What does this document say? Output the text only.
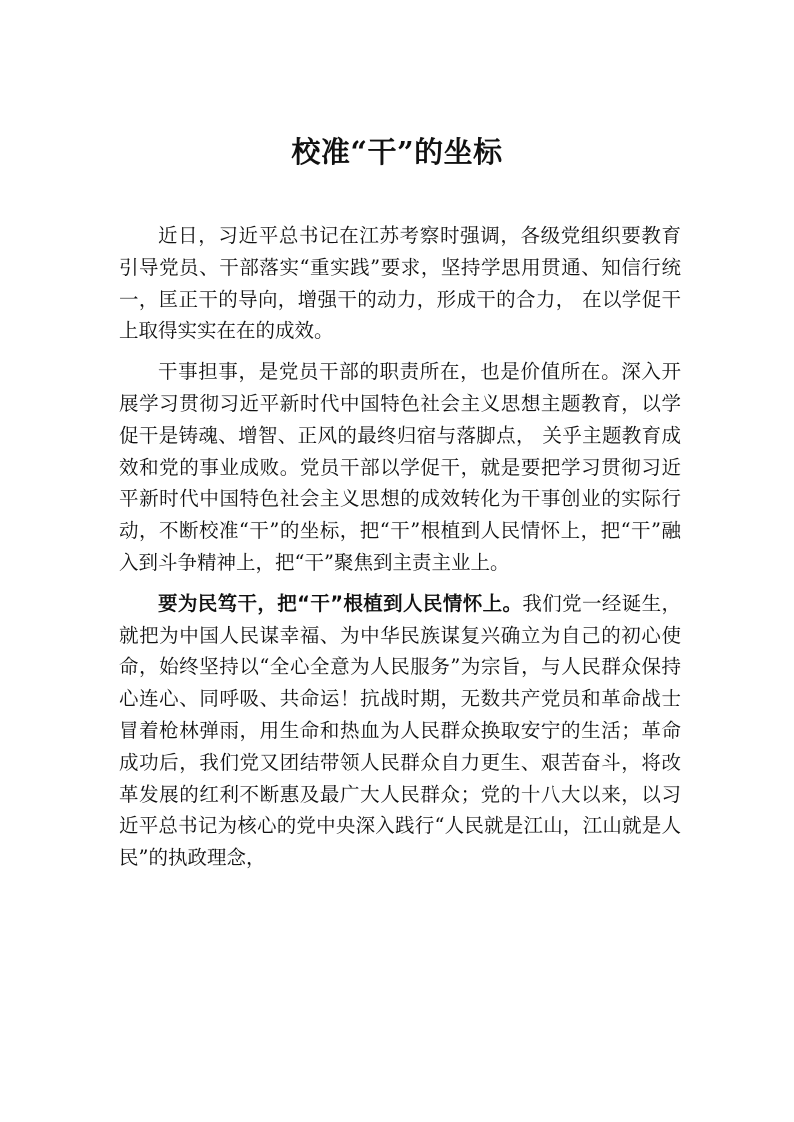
校准“干”的坐标

近日，习近平总书记在江苏考察时强调，各级党组织要教育引导党员、干部落实“重实践”要求，坚持学思用贯通、知信行统一，匡正干的导向，增强干的动力，形成干的合力， 在以学促干上取得实实在在的成效。

干事担事，是党员干部的职责所在，也是价值所在。深入开展学习贯彻习近平新时代中国特色社会主义思想主题教育，以学促干是铸魂、增智、正风的最终归宿与落脚点， 关乎主题教育成效和党的事业成败。党员干部以学促干，就是要把学习贯彻习近平新时代中国特色社会主义思想的成效转化为干事创业的实际行动，不断校准“干”的坐标，把“干”根植到人民情怀上，把“干”融入到斗争精神上，把“干”聚焦到主责主业上。

要为民笃干，把“干”根植到人民情怀上。我们党一经诞生，就把为中国人民谋幸福、为中华民族谋复兴确立为自己的初心使命，始终坚持以“全心全意为人民服务”为宗旨，与人民群众保持心连心、同呼吸、共命运！抗战时期，无数共产党员和革命战士冒着枪林弹雨，用生命和热血为人民群众换取安宁的生活；革命成功后，我们党又团结带领人民群众自力更生、艰苦奋斗，将改革发展的红利不断惠及最广大人民群众；党的十八大以来，以习近平总书记为核心的党中央深入践行“人民就是江山，江山就是人民”的执政理念，
